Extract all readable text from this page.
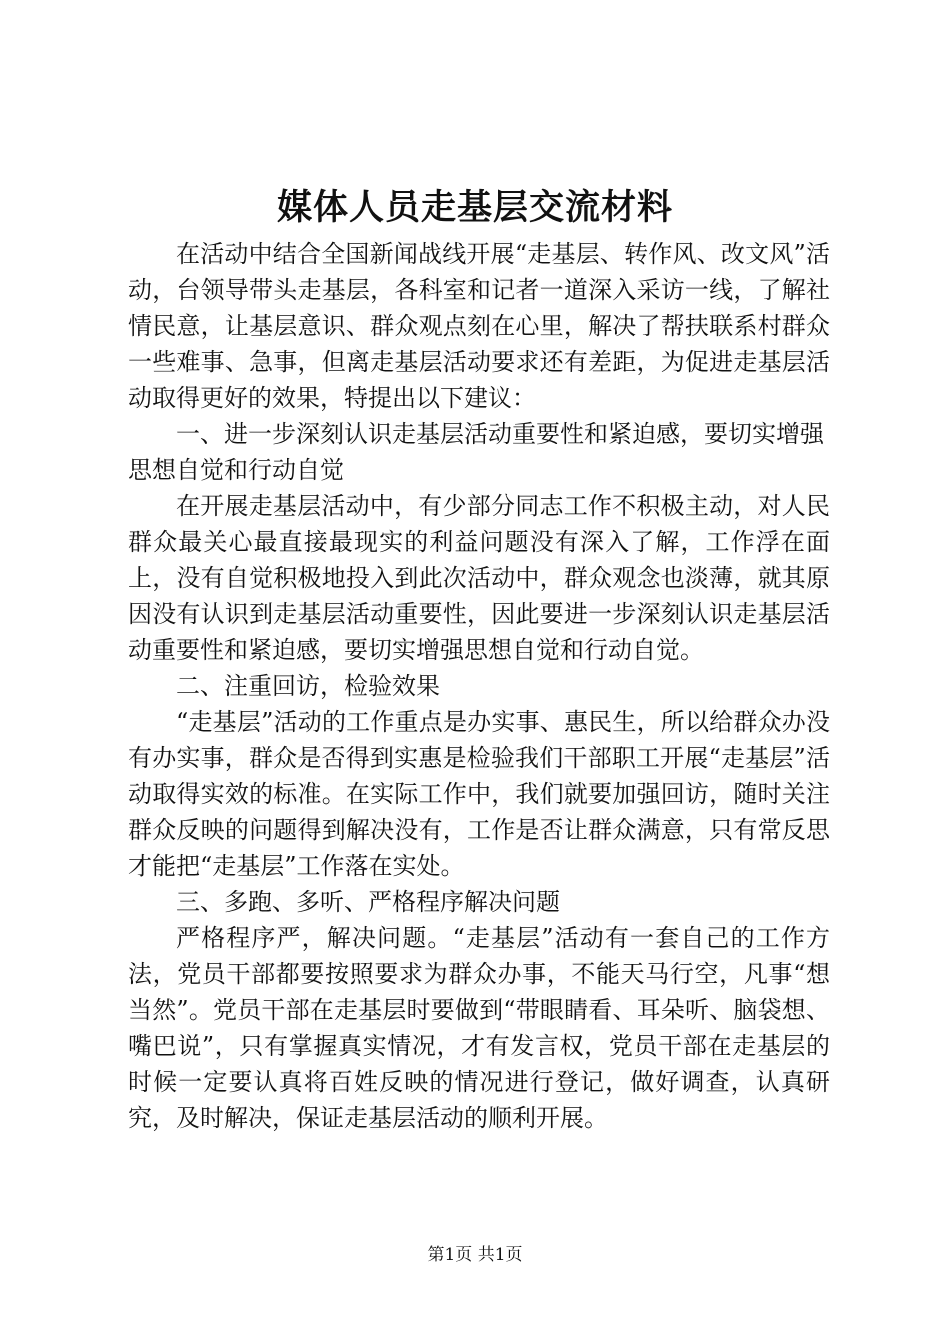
媒体人员走基层交流材料

在活动中结合全国新闻战线开展“走基层、转作风、改文风”活动，台领导带头走基层，各科室和记者一道深入采访一线，了解社情民意，让基层意识、群众观点刻在心里，解决了帮扶联系村群众一些难事、急事，但离走基层活动要求还有差距，为促进走基层活动取得更好的效果，特提出以下建议：

一、进一步深刻认识走基层活动重要性和紧迫感，要切实增强思想自觉和行动自觉

在开展走基层活动中，有少部分同志工作不积极主动，对人民群众最关心最直接最现实的利益问题没有深入了解，工作浮在面上，没有自觉积极地投入到此次活动中，群众观念也淡薄，就其原因没有认识到走基层活动重要性，因此要进一步深刻认识走基层活动重要性和紧迫感，要切实增强思想自觉和行动自觉。

二、注重回访，检验效果

“走基层”活动的工作重点是办实事、惠民生，所以给群众办没有办实事，群众是否得到实惠是检验我们干部职工开展“走基层”活动取得实效的标准。在实际工作中，我们就要加强回访，随时关注群众反映的问题得到解决没有，工作是否让群众满意，只有常反思才能把“走基层”工作落在实处。

三、多跑、多听、严格程序解决问题

严格程序严，解决问题。“走基层”活动有一套自己的工作方法，党员干部都要按照要求为群众办事，不能天马行空，凡事“想当然”。党员干部在走基层时要做到“带眼睛看、耳朵听、脑袋想、嘴巴说”，只有掌握真实情况，才有发言权，党员干部在走基层的时候一定要认真将百姓反映的情况进行登记，做好调查，认真研究，及时解决，保证走基层活动的顺利开展。

第1页 共1页
